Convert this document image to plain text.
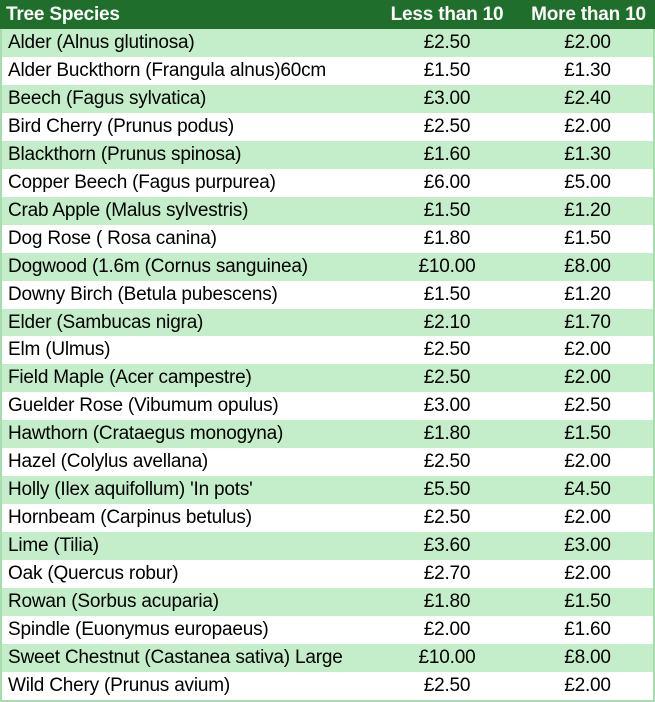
Tree Species	Less than 10	More than 10
Alder (Alnus glutinosa)	£2.50	£2.00
Alder Buckthorn (Frangula alnus)60cm	£1.50	£1.30
Beech (Fagus sylvatica)	£3.00	£2.40
Bird Cherry (Prunus podus)	£2.50	£2.00
Blackthorn (Prunus spinosa)	£1.60	£1.30
Copper Beech (Fagus purpurea)	£6.00	£5.00
Crab Apple (Malus sylvestris)	£1.50	£1.20
Dog Rose ( Rosa canina)	£1.80	£1.50
Dogwood (1.6m (Cornus sanguinea)	£10.00	£8.00
Downy Birch (Betula pubescens)	£1.50	£1.20
Elder (Sambucas nigra)	£2.10	£1.70
Elm (Ulmus)	£2.50	£2.00
Field Maple (Acer campestre)	£2.50	£2.00
Guelder Rose (Vibumum opulus)	£3.00	£2.50
Hawthorn (Crataegus monogyna)	£1.80	£1.50
Hazel (Colylus avellana)	£2.50	£2.00
Holly (Ilex aquifollum) 'In pots'	£5.50	£4.50
Hornbeam (Carpinus betulus)	£2.50	£2.00
Lime (Tilia)	£3.60	£3.00
Oak (Quercus robur)	£2.70	£2.00
Rowan (Sorbus acuparia)	£1.80	£1.50
Spindle (Euonymus europaeus)	£2.00	£1.60
Sweet Chestnut (Castanea sativa) Large	£10.00	£8.00
Wild Chery (Prunus avium)	£2.50	£2.00
